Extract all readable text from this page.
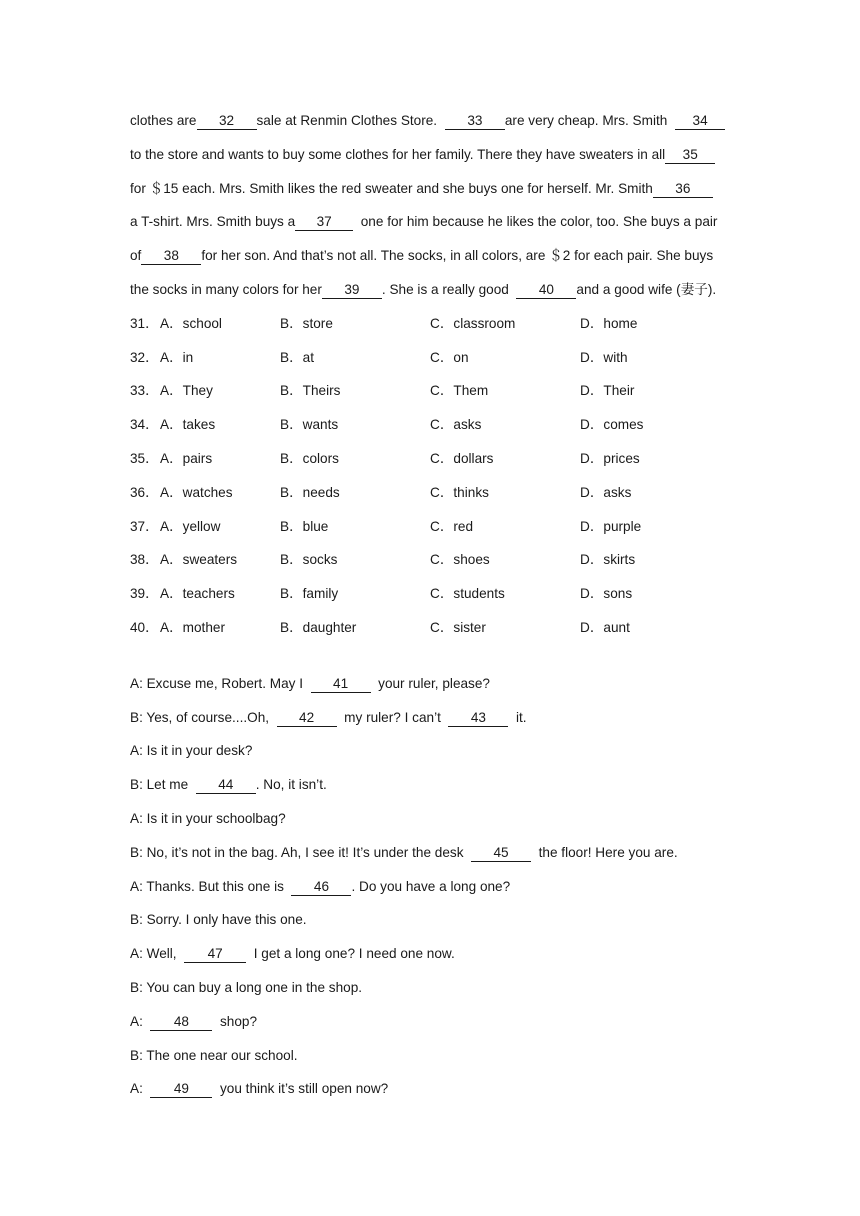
clothes are 32 sale at Renmin Clothes Store. 33 are very cheap. Mrs. Smith 34
to the store and wants to buy some clothes for her family. There they have sweaters in all 35
for ＄15 each. Mrs. Smith likes the red sweater and she buys one for herself. Mr. Smith 36
a T-shirt. Mrs. Smith buys a 37 one for him because he likes the color, too. She buys a pair
of 38 for her son. And that’s not all. The socks, in all colors, are ＄2 for each pair. She buys
the socks in many colors for her 39 . She is a really good 40 and a good wife (妻子).
31． A．school	B．store	C．classroom	D．home
32． A．in	B．at	C．on	D．with
33． A．They	B．Theirs	C．Them	D．Their
34． A．takes	B．wants	C．asks	D．comes
35． A．pairs	B．colors	C．dollars	D．prices
36． A．watches	B．needs	C．thinks	D．asks
37． A．yellow	B．blue	C．red	D．purple
38． A．sweaters	B．socks	C．shoes	D．skirts
39． A．teachers	B．family	C．students	D．sons
40． A．mother	B．daughter	C．sister	D．aunt
A: Excuse me, Robert. May I 41 your ruler, please?
B: Yes, of course....Oh, 42 my ruler? I can’t 43 it.
A: Is it in your desk?
B: Let me 44 . No, it isn’t.
A: Is it in your schoolbag?
B: No, it’s not in the bag. Ah, I see it! It’s under the desk 45 the floor! Here you are.
A: Thanks. But this one is 46 . Do you have a long one?
B: Sorry. I only have this one.
A: Well, 47 I get a long one? I need one now.
B: You can buy a long one in the shop.
A: 48 shop?
B: The one near our school.
A: 49 you think it’s still open now?
